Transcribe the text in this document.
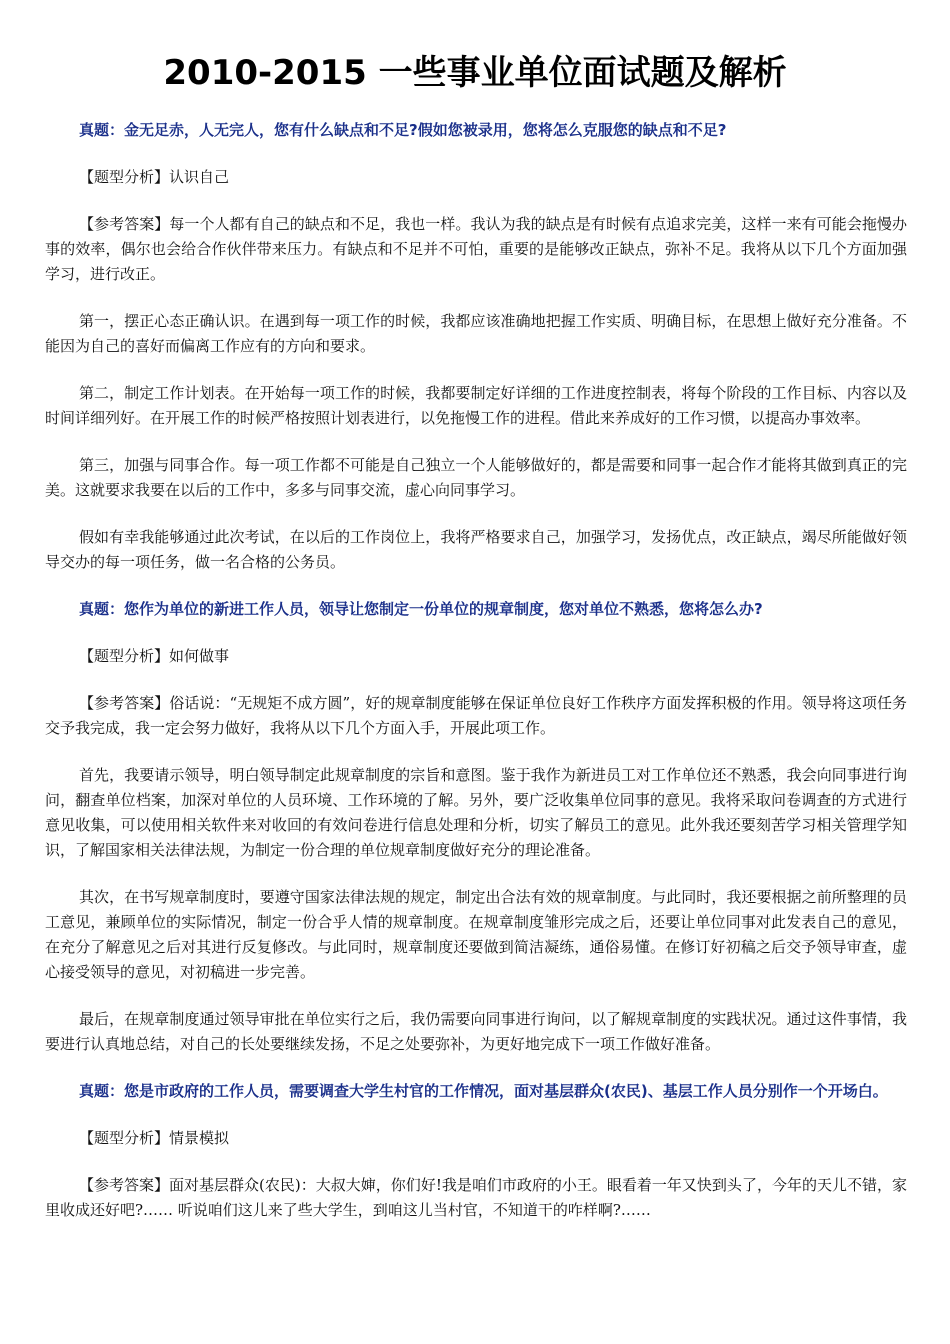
2010-2015 一些事业单位面试题及解析

真题：金无足赤，人无完人，您有什么缺点和不足?假如您被录用，您将怎么克服您的缺点和不足?

【题型分析】认识自己

【参考答案】每一个人都有自己的缺点和不足，我也一样。我认为我的缺点是有时候有点追求完美，这样一来有可能会拖慢办事的效率，偶尔也会给合作伙伴带来压力。有缺点和不足并不可怕，重要的是能够改正缺点，弥补不足。我将从以下几个方面加强学习，进行改正。

第一，摆正心态正确认识。在遇到每一项工作的时候，我都应该准确地把握工作实质、明确目标，在思想上做好充分准备。不能因为自己的喜好而偏离工作应有的方向和要求。

第二，制定工作计划表。在开始每一项工作的时候，我都要制定好详细的工作进度控制表，将每个阶段的工作目标、内容以及时间详细列好。在开展工作的时候严格按照计划表进行，以免拖慢工作的进程。借此来养成好的工作习惯，以提高办事效率。

第三，加强与同事合作。每一项工作都不可能是自己独立一个人能够做好的，都是需要和同事一起合作才能将其做到真正的完美。这就要求我要在以后的工作中，多多与同事交流，虚心向同事学习。

假如有幸我能够通过此次考试，在以后的工作岗位上，我将严格要求自己，加强学习，发扬优点，改正缺点，竭尽所能做好领导交办的每一项任务，做一名合格的公务员。

真题：您作为单位的新进工作人员，领导让您制定一份单位的规章制度，您对单位不熟悉，您将怎么办?

【题型分析】如何做事

【参考答案】俗话说：“无规矩不成方圆”，好的规章制度能够在保证单位良好工作秩序方面发挥积极的作用。领导将这项任务交予我完成，我一定会努力做好，我将从以下几个方面入手，开展此项工作。

首先，我要请示领导，明白领导制定此规章制度的宗旨和意图。鉴于我作为新进员工对工作单位还不熟悉，我会向同事进行询问，翻查单位档案，加深对单位的人员环境、工作环境的了解。另外，要广泛收集单位同事的意见。我将采取问卷调查的方式进行意见收集，可以使用相关软件来对收回的有效问卷进行信息处理和分析，切实了解员工的意见。此外我还要刻苦学习相关管理学知识，了解国家相关法律法规，为制定一份合理的单位规章制度做好充分的理论准备。

其次，在书写规章制度时，要遵守国家法律法规的规定，制定出合法有效的规章制度。与此同时，我还要根据之前所整理的员工意见，兼顾单位的实际情况，制定一份合乎人情的规章制度。在规章制度雏形完成之后，还要让单位同事对此发表自己的意见，在充分了解意见之后对其进行反复修改。与此同时，规章制度还要做到简洁凝练，通俗易懂。在修订好初稿之后交予领导审查，虚心接受领导的意见，对初稿进一步完善。

最后，在规章制度通过领导审批在单位实行之后，我仍需要向同事进行询问，以了解规章制度的实践状况。通过这件事情，我要进行认真地总结，对自己的长处要继续发扬，不足之处要弥补，为更好地完成下一项工作做好准备。

真题：您是市政府的工作人员，需要调查大学生村官的工作情况，面对基层群众(农民)、基层工作人员分别作一个开场白。

【题型分析】情景模拟

【参考答案】面对基层群众(农民)：大叔大婶，你们好!我是咱们市政府的小王。眼看着一年又快到头了，今年的天儿不错，家里收成还好吧?…… 听说咱们这儿来了些大学生，到咱这儿当村官，不知道干的咋样啊?……
